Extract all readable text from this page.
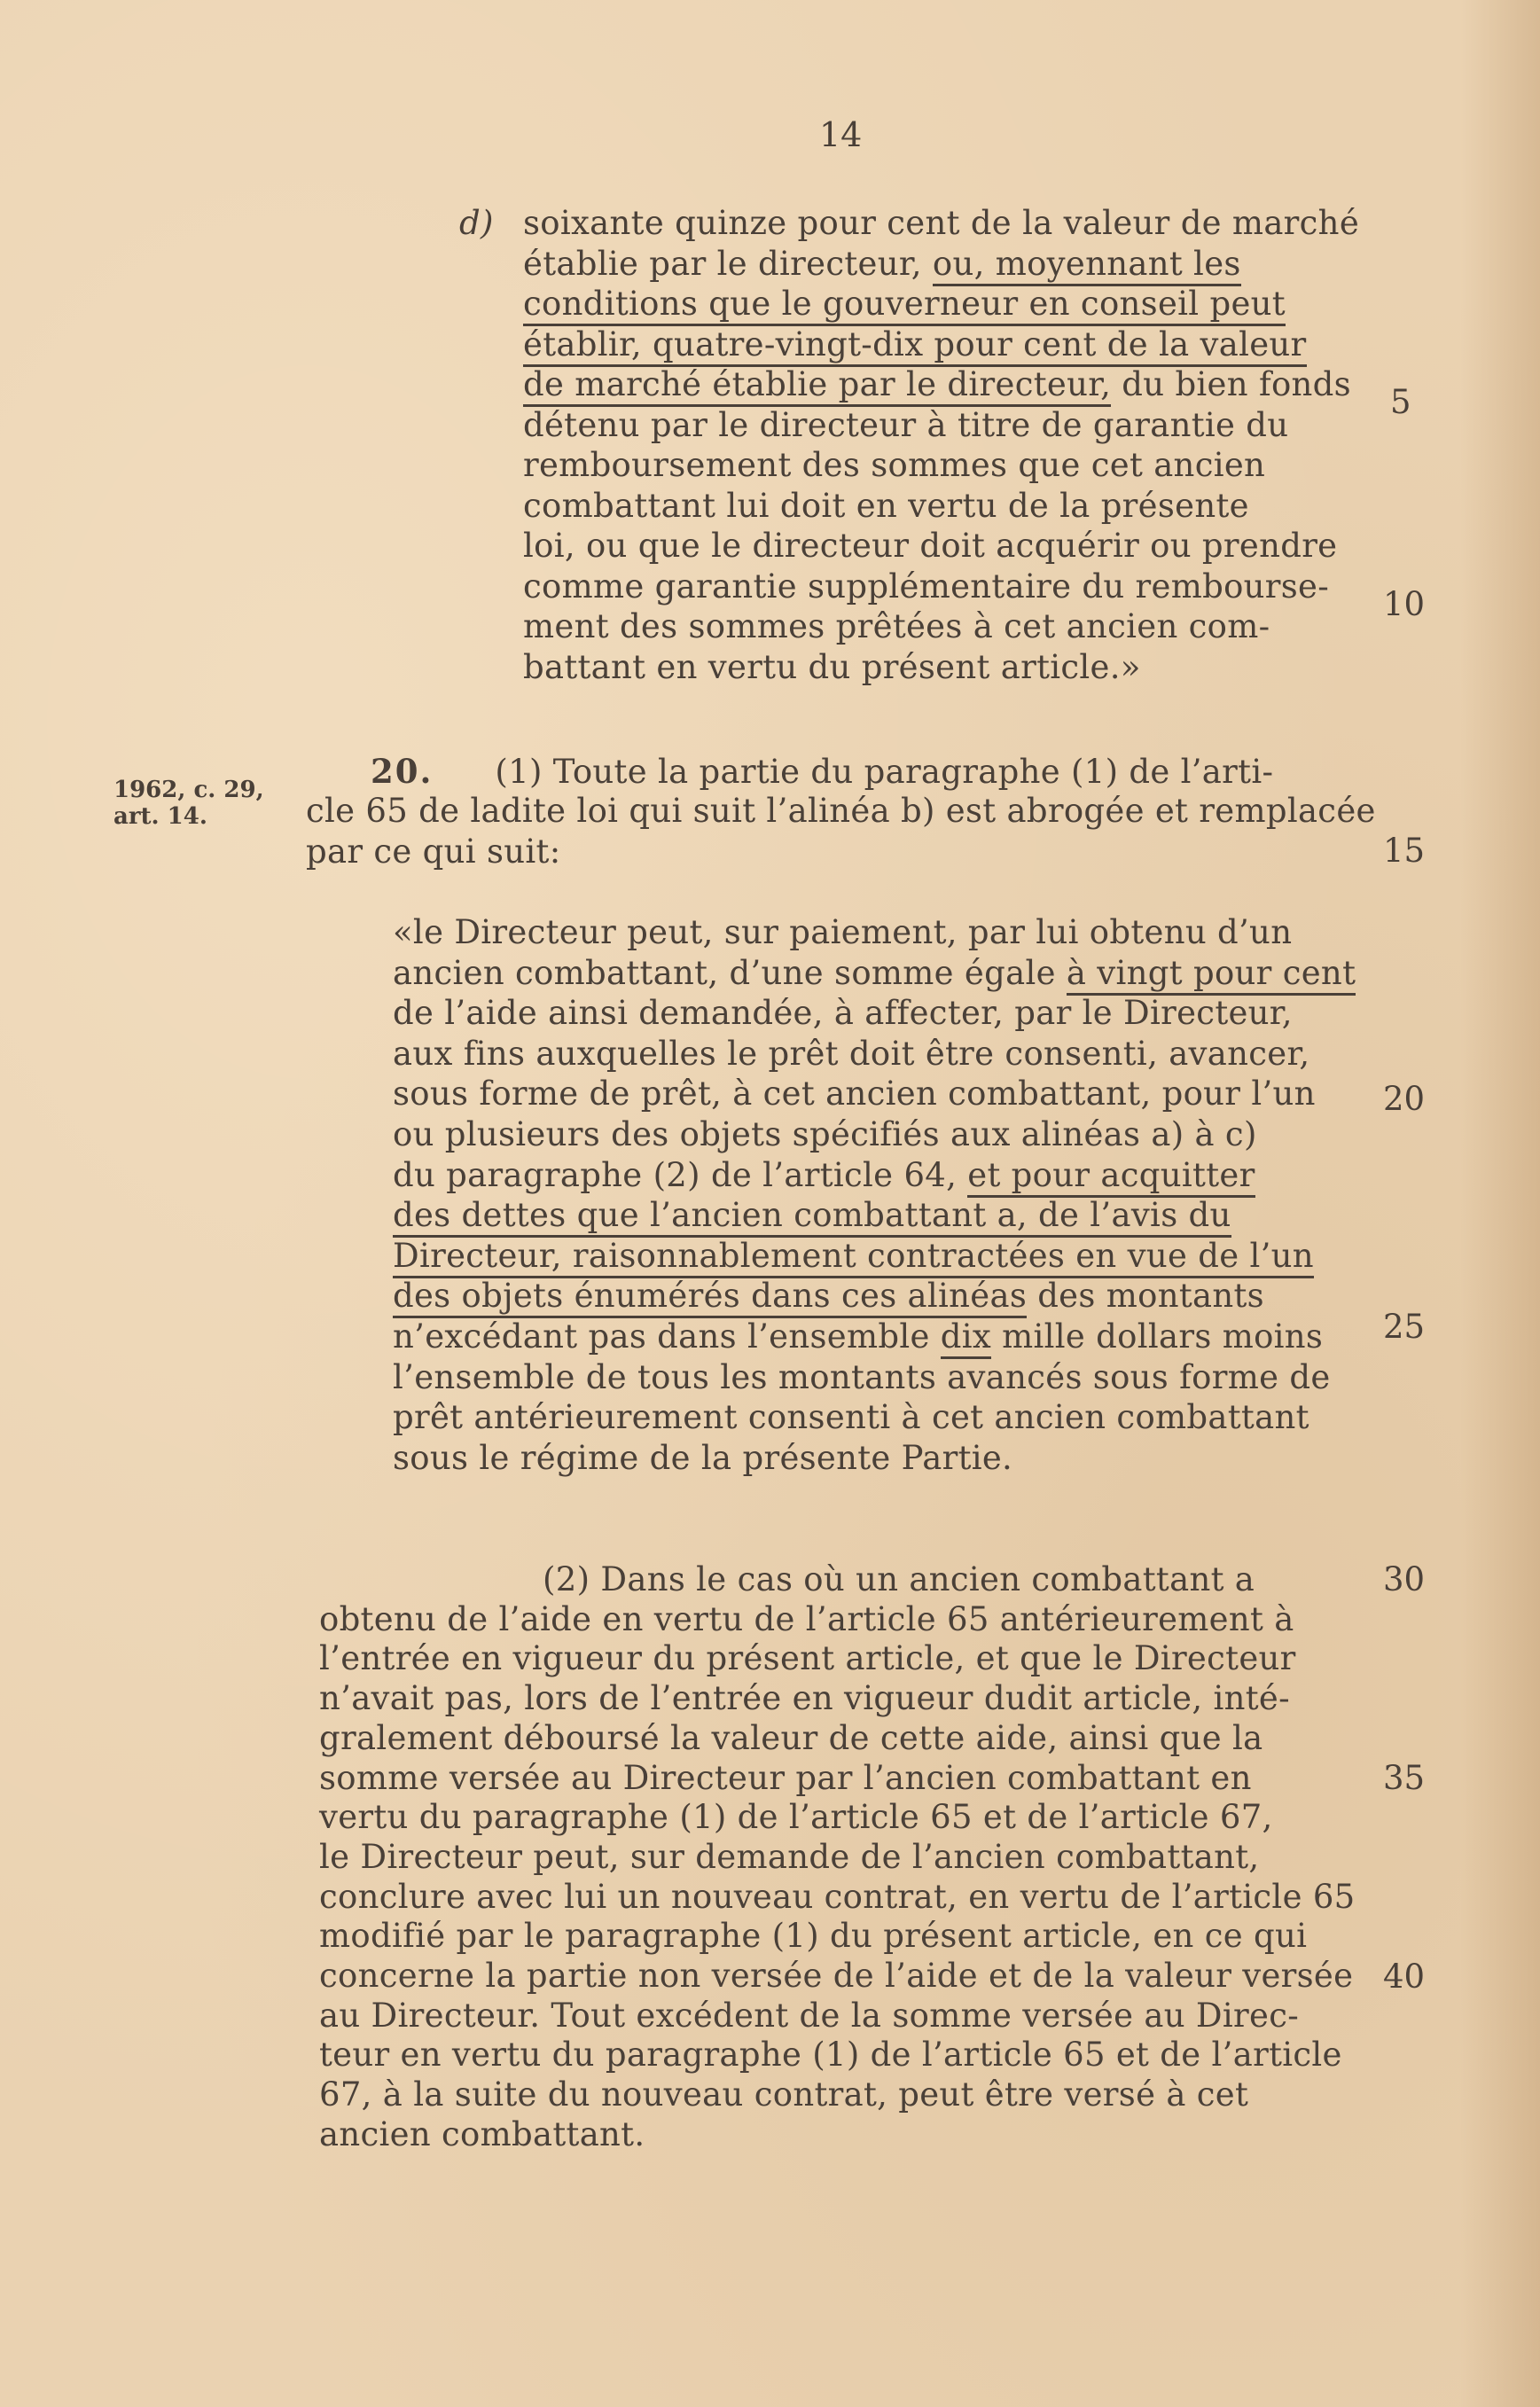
14
d) soixante quinze pour cent de la valeur de marché
établie par le directeur, ou, moyennant les
conditions que le gouverneur en conseil peut
établir, quatre-vingt-dix pour cent de la valeur
de marché établie par le directeur, du bien fonds
détenu par le directeur à titre de garantie du
remboursement des sommes que cet ancien
combattant lui doit en vertu de la présente
loi, ou que le directeur doit acquérir ou prendre
comme garantie supplémentaire du rembourse-
ment des sommes prêtées à cet ancien com-
battant en vertu du présent article.»
1962, c. 29,
art. 14.
20. (1) Toute la partie du paragraphe (1) de l’arti-
cle 65 de ladite loi qui suit l’alinéa b) est abrogée et remplacée
par ce qui suit:
«le Directeur peut, sur paiement, par lui obtenu d’un
ancien combattant, d’une somme égale à vingt pour cent
de l’aide ainsi demandée, à affecter, par le Directeur,
aux fins auxquelles le prêt doit être consenti, avancer,
sous forme de prêt, à cet ancien combattant, pour l’un
ou plusieurs des objets spécifiés aux alinéas a) à c)
du paragraphe (2) de l’article 64, et pour acquitter
des dettes que l’ancien combattant a, de l’avis du
Directeur, raisonnablement contractées en vue de l’un
des objets énumérés dans ces alinéas des montants
n’excédant pas dans l’ensemble dix mille dollars moins
l’ensemble de tous les montants avancés sous forme de
prêt antérieurement consenti à cet ancien combattant
sous le régime de la présente Partie.
(2) Dans le cas où un ancien combattant a
obtenu de l’aide en vertu de l’article 65 antérieurement à
l’entrée en vigueur du présent article, et que le Directeur
n’avait pas, lors de l’entrée en vigueur dudit article, inté-
gralement déboursé la valeur de cette aide, ainsi que la
somme versée au Directeur par l’ancien combattant en
vertu du paragraphe (1) de l’article 65 et de l’article 67,
le Directeur peut, sur demande de l’ancien combattant,
conclure avec lui un nouveau contrat, en vertu de l’article 65
modifié par le paragraphe (1) du présent article, en ce qui
concerne la partie non versée de l’aide et de la valeur versée
au Directeur. Tout excédent de la somme versée au Direc-
teur en vertu du paragraphe (1) de l’article 65 et de l’article
67, à la suite du nouveau contrat, peut être versé à cet
ancien combattant.
5
10
15
20
25
30
35
40
